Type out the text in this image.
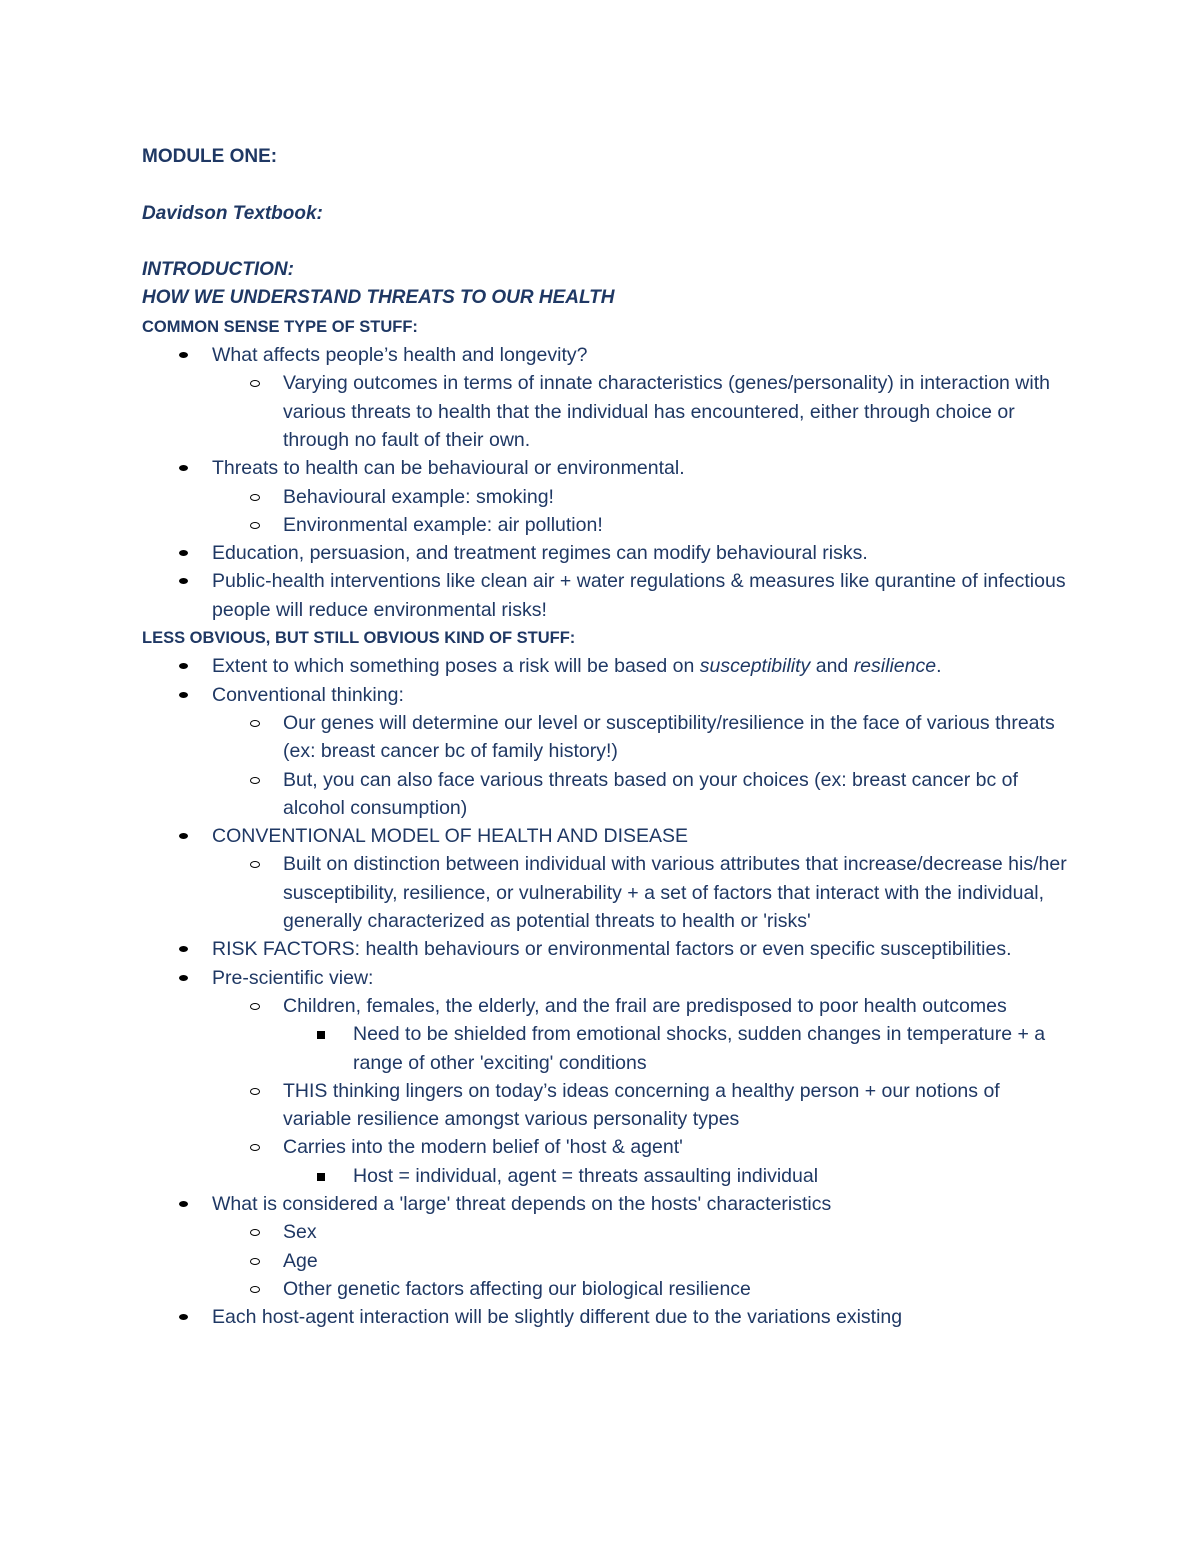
MODULE ONE:
Davidson Textbook:
INTRODUCTION:
HOW WE UNDERSTAND THREATS TO OUR HEALTH
COMMON SENSE TYPE OF STUFF:
What affects people’s health and longevity?
Varying outcomes in terms of innate characteristics (genes/personality) in interaction with various threats to health that the individual has encountered, either through choice or through no fault of their own.
Threats to health can be behavioural or environmental.
Behavioural example: smoking!
Environmental example: air pollution!
Education, persuasion, and treatment regimes can modify behavioural risks.
Public-health interventions like clean air + water regulations & measures like qurantine of infectious people will reduce environmental risks!
LESS OBVIOUS, BUT STILL OBVIOUS KIND OF STUFF:
Extent to which something poses a risk will be based on susceptibility and resilience.
Conventional thinking:
Our genes will determine our level or susceptibility/resilience in the face of various threats (ex: breast cancer bc of family history!)
But, you can also face various threats based on your choices (ex: breast cancer bc of alcohol consumption)
CONVENTIONAL MODEL OF HEALTH AND DISEASE
Built on distinction between individual with various attributes that increase/decrease his/her susceptibility, resilience, or vulnerability + a set of factors that interact with the individual, generally characterized as potential threats to health or 'risks'
RISK FACTORS: health behaviours or environmental factors or even specific susceptibilities.
Pre-scientific view:
Children, females, the elderly, and the frail are predisposed to poor health outcomes
Need to be shielded from emotional shocks, sudden changes in temperature + a range of other 'exciting' conditions
THIS thinking lingers on today’s ideas concerning a healthy person + our notions of variable resilience amongst various personality types
Carries into the modern belief of 'host & agent'
Host = individual, agent = threats assaulting individual
What is considered a 'large' threat depends on the hosts' characteristics
Sex
Age
Other genetic factors affecting our biological resilience
Each host-agent interaction will be slightly different due to the variations existing
